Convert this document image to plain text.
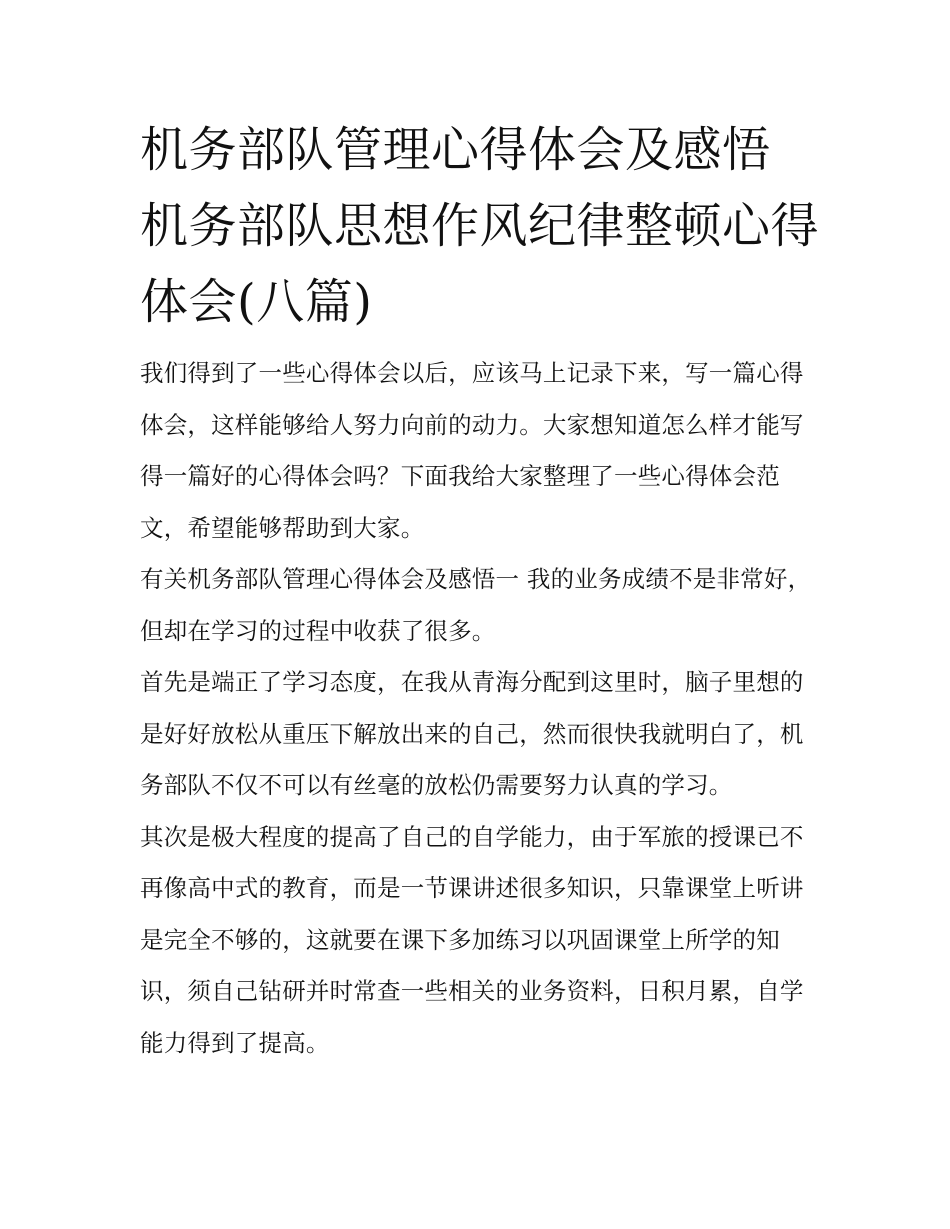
机务部队管理心得体会及感悟 机务部队思想作风纪律整顿心得体会(八篇)

我们得到了一些心得体会以后，应该马上记录下来，写一篇心得体会，这样能够给人努力向前的动力。大家想知道怎么样才能写得一篇好的心得体会吗？下面我给大家整理了一些心得体会范文，希望能够帮助到大家。

有关机务部队管理心得体会及感悟一 我的业务成绩不是非常好，但却在学习的过程中收获了很多。

首先是端正了学习态度，在我从青海分配到这里时，脑子里想的是好好放松从重压下解放出来的自己，然而很快我就明白了，机务部队不仅不可以有丝毫的放松仍需要努力认真的学习。

其次是极大程度的提高了自己的自学能力，由于军旅的授课已不再像高中式的教育，而是一节课讲述很多知识，只靠课堂上听讲是完全不够的，这就要在课下多加练习以巩固课堂上所学的知识，须自己钻研并时常查一些相关的业务资料，日积月累，自学能力得到了提高。
